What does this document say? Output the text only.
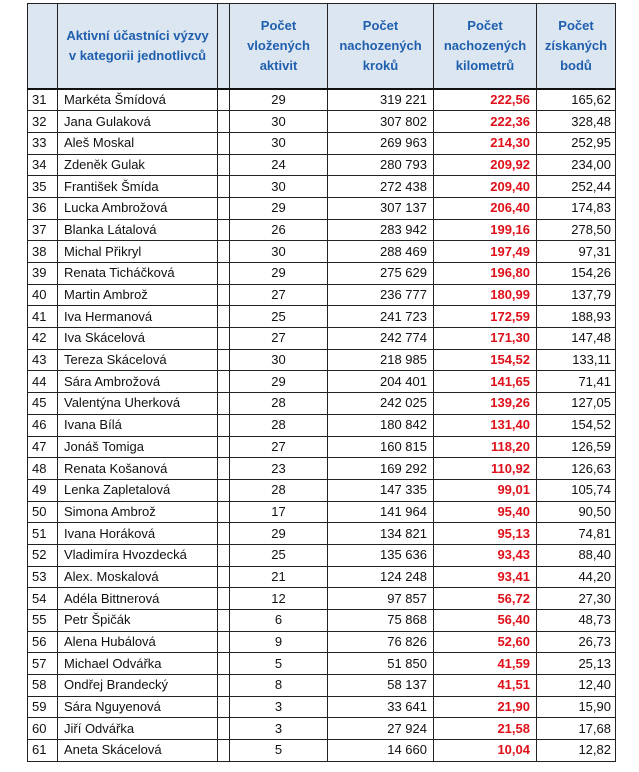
	Aktivní účastníci výzvy v kategorii jednotlivců		Počet vložených aktivit	Počet nachozených kroků	Počet nachozených kilometrů	Počet získaných bodů
31	Markéta Šmídová		29	319 221	222,56	165,62
32	Jana Gulaková		30	307 802	222,36	328,48
33	Aleš Moskal		30	269 963	214,30	252,95
34	Zdeněk Gulak		24	280 793	209,92	234,00
35	František Šmída		30	272 438	209,40	252,44
36	Lucka Ambrožová		29	307 137	206,40	174,83
37	Blanka Látalová		26	283 942	199,16	278,50
38	Michal Přikryl		30	288 469	197,49	97,31
39	Renata Ticháčková		29	275 629	196,80	154,26
40	Martin Ambrož		27	236 777	180,99	137,79
41	Iva Hermanová		25	241 723	172,59	188,93
42	Iva Skácelová		27	242 774	171,30	147,48
43	Tereza Skácelová		30	218 985	154,52	133,11
44	Sára Ambrožová		29	204 401	141,65	71,41
45	Valentýna Uherková		28	242 025	139,26	127,05
46	Ivana Bílá		28	180 842	131,40	154,52
47	Jonáš Tomiga		27	160 815	118,20	126,59
48	Renata Košanová		23	169 292	110,92	126,63
49	Lenka Zapletalová		28	147 335	99,01	105,74
50	Simona Ambrož		17	141 964	95,40	90,50
51	Ivana Horáková		29	134 821	95,13	74,81
52	Vladimíra Hvozdecká		25	135 636	93,43	88,40
53	Alex. Moskalová		21	124 248	93,41	44,20
54	Adéla Bittnerová		12	97 857	56,72	27,30
55	Petr Špičák		6	75 868	56,40	48,73
56	Alena Hubálová		9	76 826	52,60	26,73
57	Michael Odvářka		5	51 850	41,59	25,13
58	Ondřej Brandecký		8	58 137	41,51	12,40
59	Sára Nguyenová		3	33 641	21,90	15,90
60	Jiří Odvářka		3	27 924	21,58	17,68
61	Aneta Skácelová		5	14 660	10,04	12,82
